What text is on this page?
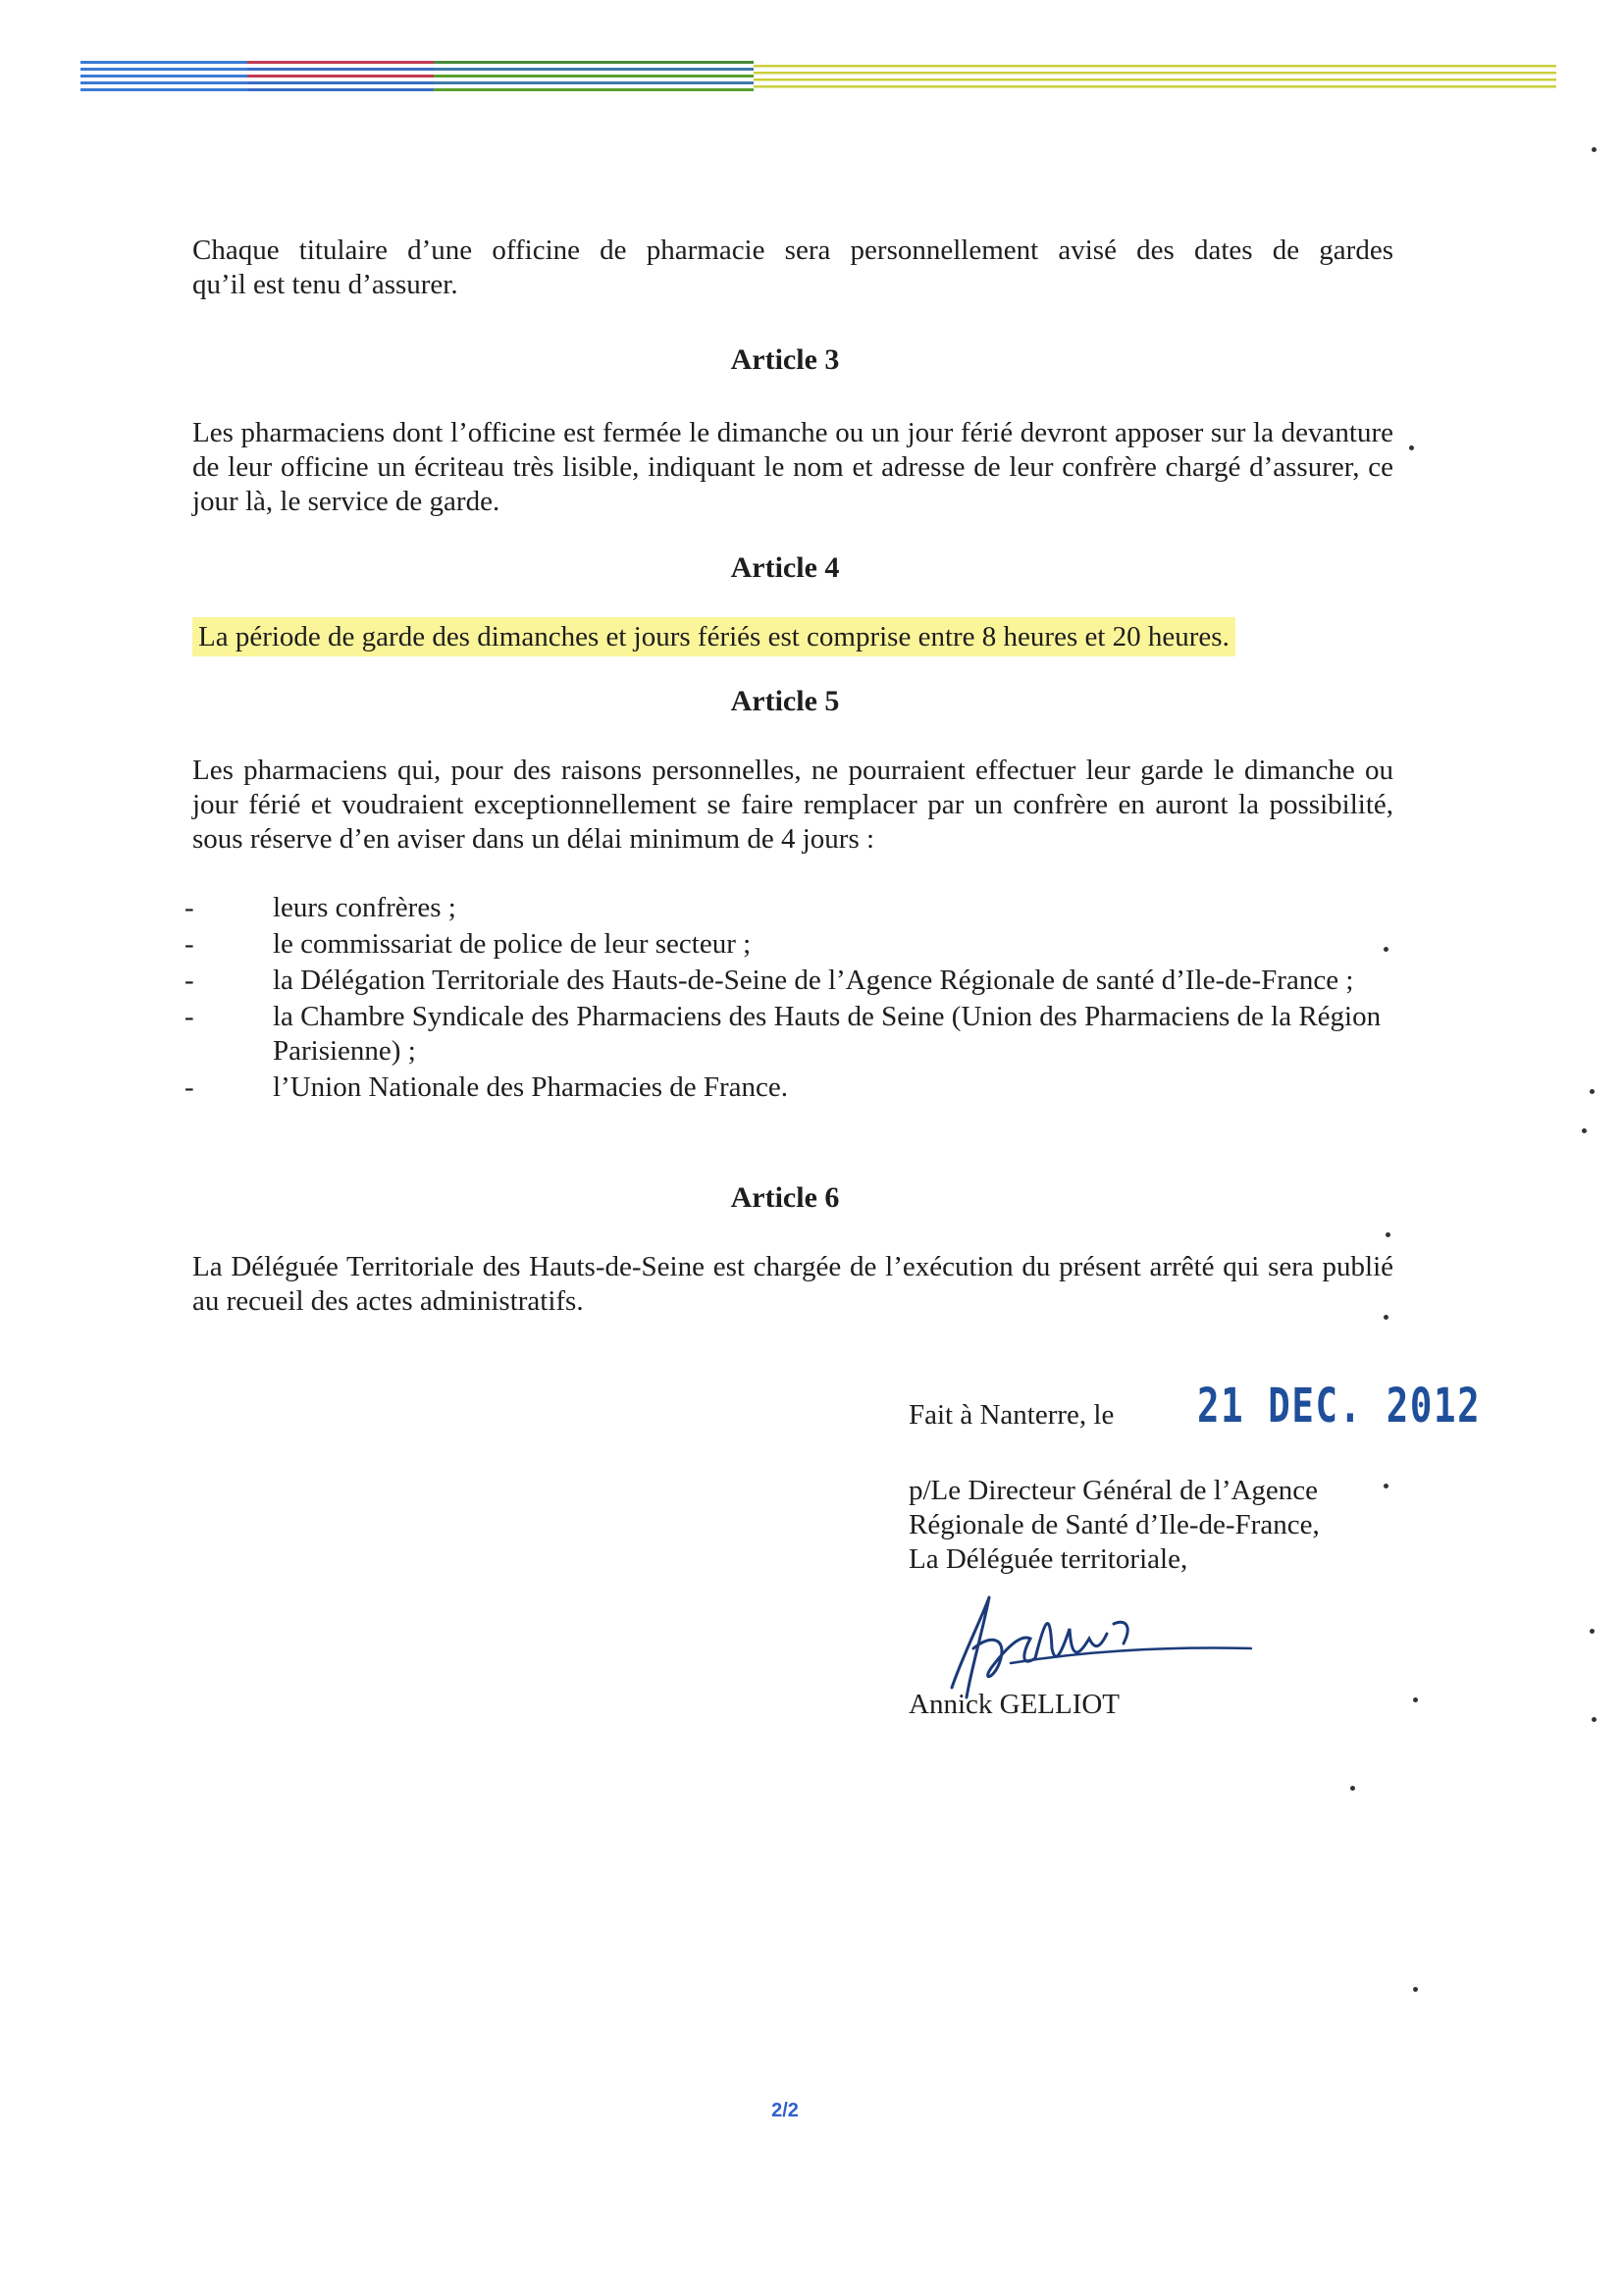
Chaque titulaire d’une officine de pharmacie sera personnellement avisé des dates de gardes
qu’il est tenu d’assurer.
Article 3

Les pharmaciens dont l’officine est fermée le dimanche ou un jour férié devront apposer sur la devanture de leur officine un écriteau très lisible, indiquant le nom et adresse de leur confrère chargé d’assurer, ce jour là, le service de garde.

Article 4

La période de garde des dimanches et jours fériés est comprise entre 8 heures et 20 heures.

Article 5

Les pharmaciens qui, pour des raisons personnelles, ne pourraient effectuer leur garde le dimanche ou jour férié et voudraient exceptionnellement se faire remplacer par un confrère en auront la possibilité, sous réserve d’en aviser dans un délai minimum de 4 jours :

-	leurs confrères ;
-	le commissariat de police de leur secteur ;
-	la Délégation Territoriale des Hauts-de-Seine de l’Agence Régionale de santé d’Ile-de-France ;
-	la Chambre Syndicale des Pharmaciens des Hauts de Seine (Union des Pharmaciens de la Région Parisienne) ;
-	l’Union Nationale des Pharmacies de France.
Article 6

La Déléguée Territoriale des Hauts-de-Seine est chargée de l’exécution du présent arrêté qui sera publié au recueil des actes administratifs.

Fait à Nanterre, le 21 DEC. 2012
p/Le Directeur Général de l’Agence
Régionale de Santé d’Ile-de-France,
La Déléguée territoriale,
Annick GELLIOT
2/2
